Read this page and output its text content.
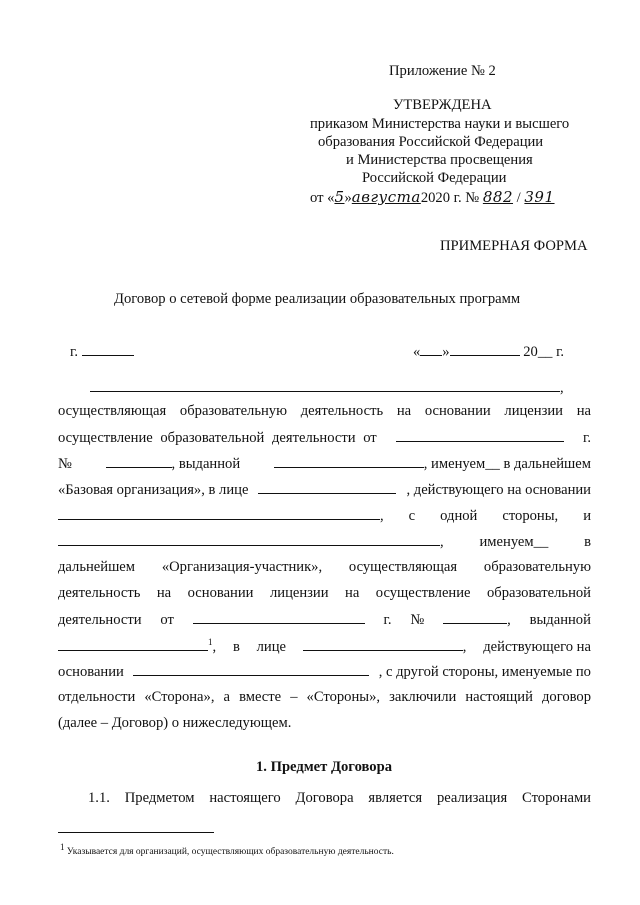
Приложение № 2
УТВЕРЖДЕНА
приказом Министерства науки и высшего
образования Российской Федерации
и Министерства просвещения
Российской Федерации
от «5»августа2020 г. № 882 / 391
ПРИМЕРНАЯ ФОРМА
Договор о сетевой форме реализации образовательных программ
г.	« »	20__ г.
,
осуществляющая образовательную деятельность на основании лицензии на
осуществление образовательной деятельности от	г.
№	, выданной	, именуем__ в дальнейшем
«Базовая организация», в лице	, действующего на основании
, с одной стороны, и
, именуем__ в
дальнейшем «Организация-участник», осуществляющая образовательную
деятельность на основании лицензии на осуществление образовательной
деятельности от	г. №	, выданной
$^1$, в лице	, действующего на
основании	, с другой стороны, именуемые по
отдельности «Сторона», а вместе – «Стороны», заключили настоящий договор
(далее – Договор) о нижеследующем.
1. Предмет Договора
1.1. Предметом настоящего Договора является реализация Сторонами
$^1$ Указывается для организаций, осуществляющих образовательную деятельность.
